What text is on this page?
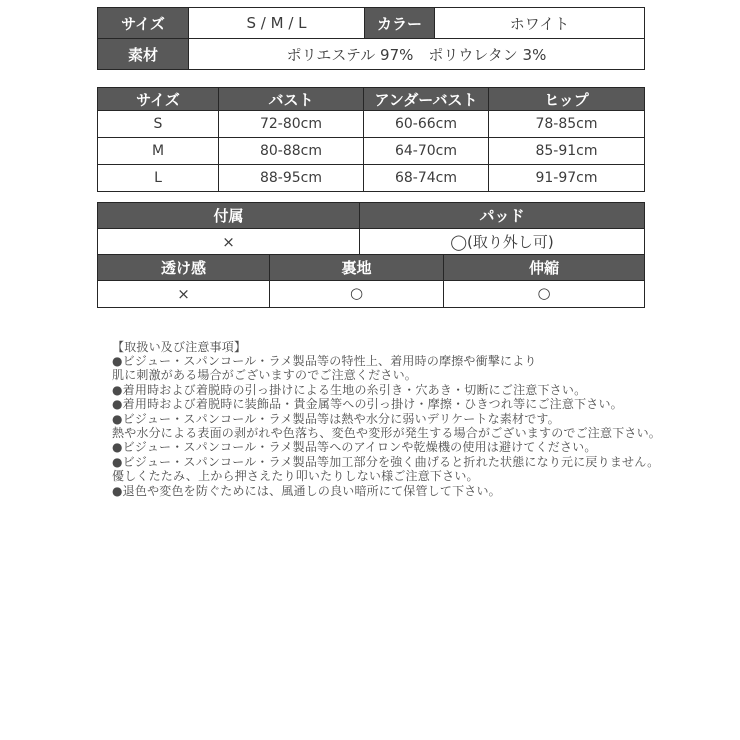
サイズ	S / M / L	カラー	ホワイト
素材	ポリエステル 97%　ポリウレタン 3%		
サイズ	バスト	アンダーバスト	ヒップ
S	72-80cm	60-66cm	78-85cm
M	80-88cm	64-70cm	85-91cm
L	88-95cm	68-74cm	91-97cm
付属	パッド
×	◯(取り外し可)
透け感	裏地	伸縮
×	○	○
【取扱い及び注意事項】
●ビジュー・スパンコール・ラメ製品等の特性上、着用時の摩擦や衝撃により
肌に刺激がある場合がございますのでご注意ください。
●着用時および着脱時の引っ掛けによる生地の糸引き・穴あき・切断にご注意下さい。
●着用時および着脱時に装飾品・貴金属等への引っ掛け・摩擦・ひきつれ等にご注意下さい。
●ビジュー・スパンコール・ラメ製品等は熱や水分に弱いデリケートな素材です。
熱や水分による表面の剥がれや色落ち、変色や変形が発生する場合がございますのでご注意下さい。
●ビジュー・スパンコール・ラメ製品等へのアイロンや乾燥機の使用は避けてください。
●ビジュー・スパンコール・ラメ製品等加工部分を強く曲げると折れた状態になり元に戻りません。
優しくたたみ、上から押さえたり叩いたりしない様ご注意下さい。
●退色や変色を防ぐためには、風通しの良い暗所にて保管して下さい。
